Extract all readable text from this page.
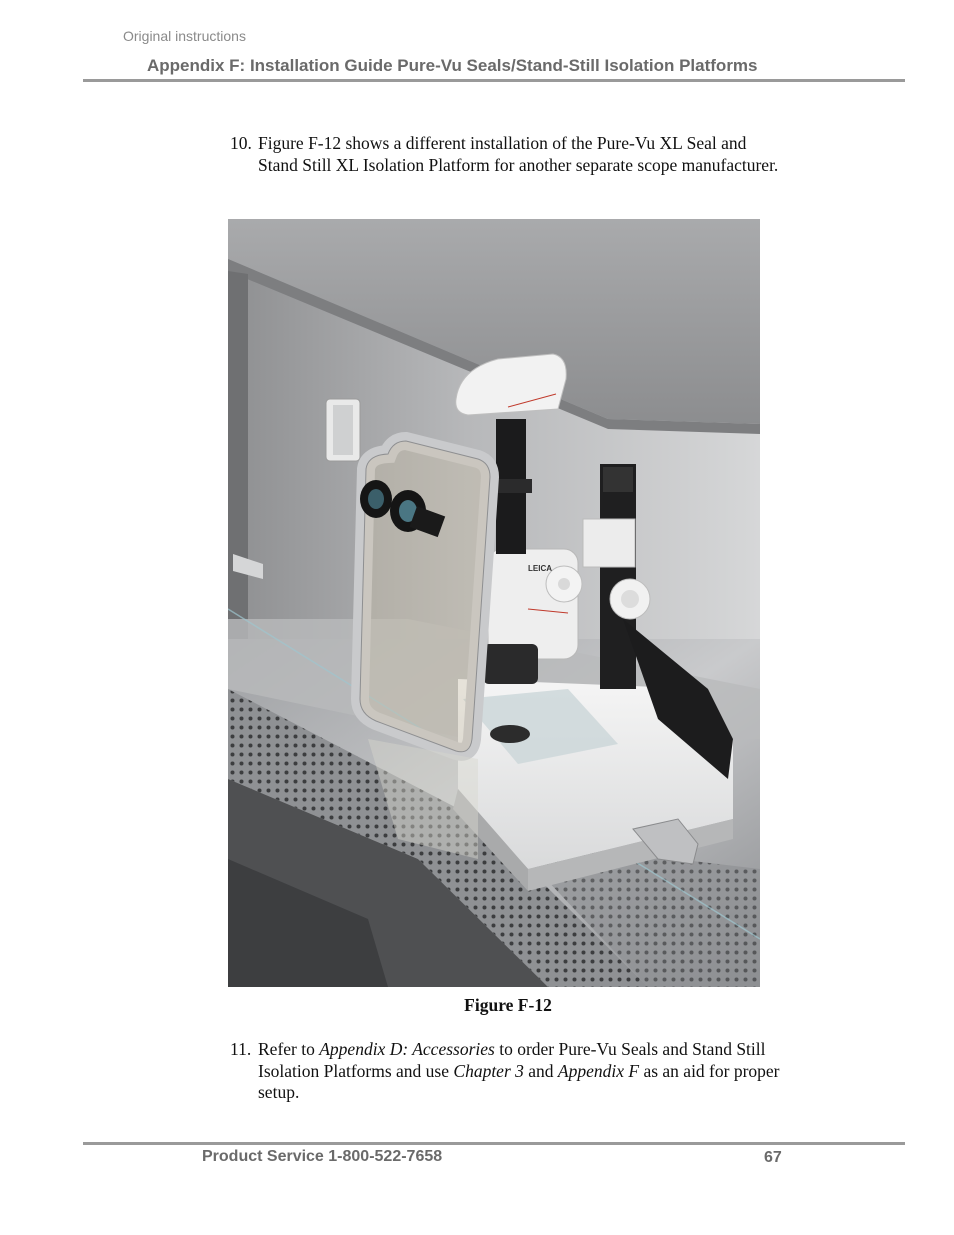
Original instructions
Appendix F: Installation Guide Pure-Vu Seals/Stand-Still Isolation Platforms
10. Figure F-12 shows a different installation of the Pure-Vu XL Seal and Stand Still XL Isolation Platform for another separate scope manufacturer.
LEICA
Figure F-12
11. Refer to Appendix D: Accessories to order Pure-Vu Seals and Stand Still Isolation Platforms and use Chapter 3 and Appendix F as an aid for proper setup.
Product Service 1-800-522-7658	67
